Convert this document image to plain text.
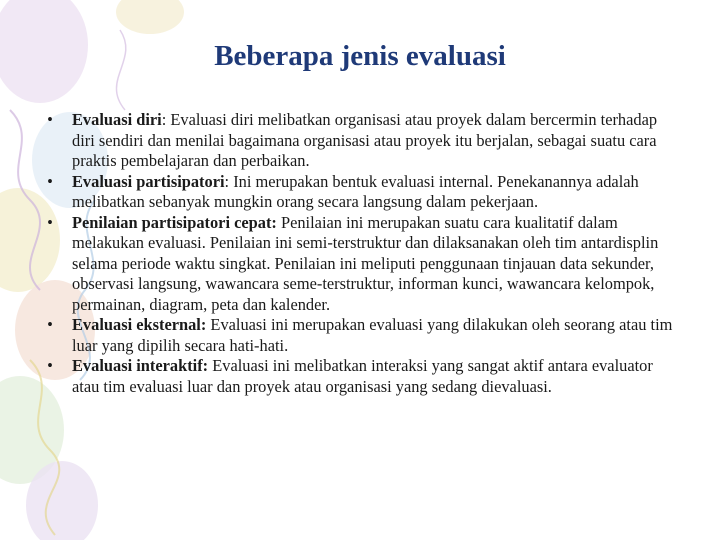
Beberapa jenis evaluasi
•	Evaluasi diri: Evaluasi diri melibatkan organisasi atau proyek dalam bercermin terhadap diri sendiri dan menilai bagaimana organisasi atau proyek itu berjalan, sebagai suatu cara praktis pembelajaran dan perbaikan.
•	Evaluasi partisipatori: Ini merupakan bentuk evaluasi internal. Penekanannya adalah melibatkan sebanyak mungkin orang secara langsung dalam pekerjaan.
•	Penilaian partisipatori cepat: Penilaian ini merupakan suatu cara kualitatif dalam melakukan evaluasi. Penilaian ini semi-terstruktur dan dilaksanakan oleh tim antardisplin selama periode waktu singkat. Penilaian ini meliputi penggunaan tinjauan data sekunder, observasi langsung, wawancara seme-terstruktur, informan kunci, wawancara kelompok, permainan, diagram, peta dan kalender.
•	Evaluasi eksternal: Evaluasi ini merupakan evaluasi yang dilakukan oleh seorang atau tim luar yang dipilih secara hati-hati.
•	Evaluasi interaktif: Evaluasi ini melibatkan interaksi yang sangat aktif antara evaluator atau tim evaluasi luar dan proyek atau organisasi yang sedang dievaluasi.
